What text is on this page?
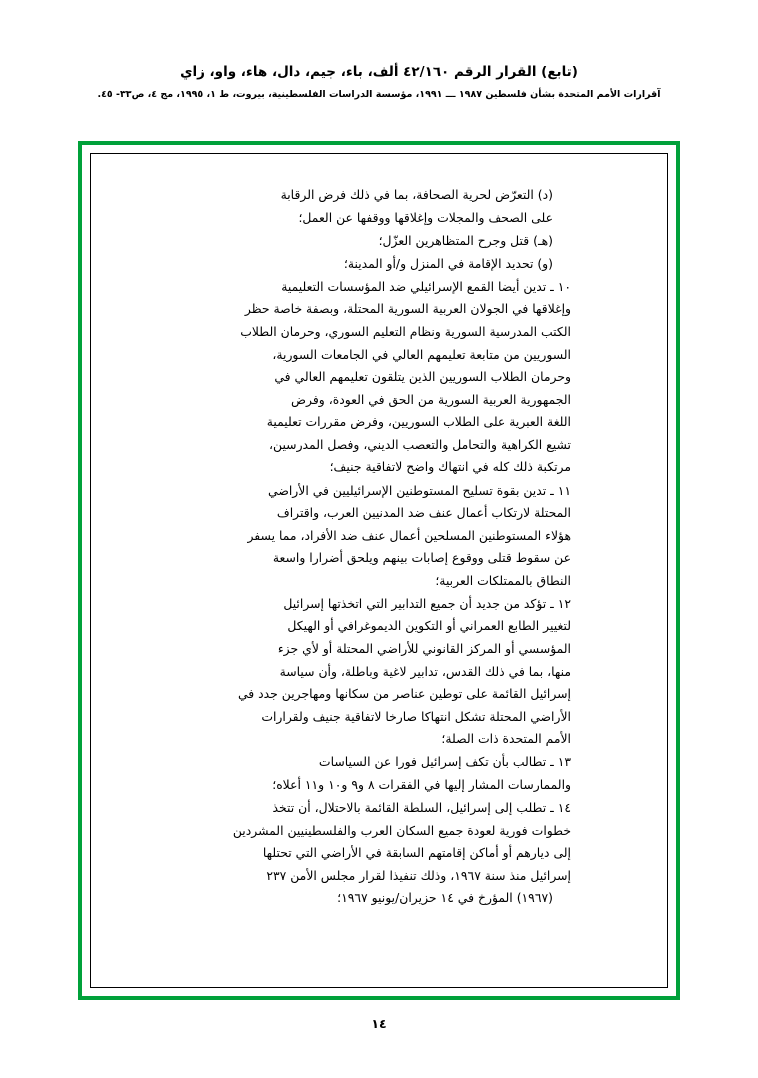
(تابع) القرار الرقم ٤٢/١٦٠ ألف، باء، جيم، دال، هاء، واو، زاي
آقرارات الأمم المتحدة بشأن فلسطين ١٩٨٧ ـــ ١٩٩١، مؤسسة الدراسات الفلسطينية، بيروت، ط ١، ١٩٩٥، مج ٤، ص٣٣- ٤٥.
(د) التعرّض لحرية الصحافة، بما في ذلك فرض الرقابة
على الصحف والمجلات وإغلاقها ووقفها عن العمل؛
(هـ) قتل وجرح المتظاهرين العزّل؛
(و) تحديد الإقامة في المنزل و/أو المدينة؛
١٠ ـ تدين أيضا القمع الإسرائيلي ضد المؤسسات التعليمية
وإغلاقها في الجولان العربية السورية المحتلة، وبصفة خاصة حظر
الكتب المدرسية السورية ونظام التعليم السوري، وحرمان الطلاب
السوريين من متابعة تعليمهم العالي في الجامعات السورية،
وحرمان الطلاب السوريين الذين يتلقون تعليمهم العالي في
الجمهورية العربية السورية من الحق في العودة، وفرض
اللغة العبرية على الطلاب السوريين، وفرض مقررات تعليمية
تشيع الكراهية والتحامل والتعصب الديني، وفصل المدرسين،
مرتكبة ذلك كله في انتهاك واضح لاتفاقية جنيف؛
١١ ـ تدين بقوة تسليح المستوطنين الإسرائيليين في الأراضي
المحتلة لارتكاب أعمال عنف ضد المدنيين العرب، واقتراف
هؤلاء المستوطنين المسلحين أعمال عنف ضد الأفراد، مما يسفر
عن سقوط قتلى ووقوع إصابات بينهم ويلحق أضرارا واسعة
النطاق بالممتلكات العربية؛
١٢ ـ تؤكد من جديد أن جميع التدابير التي اتخذتها إسرائيل
لتغيير الطابع العمراني أو التكوين الديموغرافي أو الهيكل
المؤسسي أو المركز القانوني للأراضي المحتلة أو لأي جزء
منها، بما في ذلك القدس، تدابير لاغية وباطلة، وأن سياسة
إسرائيل القائمة على توطين عناصر من سكانها ومهاجرين جدد في
الأراضي المحتلة تشكل انتهاكا صارخا لاتفاقية جنيف ولقرارات
الأمم المتحدة ذات الصلة؛
١٣ ـ تطالب بأن تكف إسرائيل فورا عن السياسات
والممارسات المشار إليها في الفقرات ٨ و٩ و١٠ و١١ أعلاه؛
١٤ ـ تطلب إلى إسرائيل، السلطة القائمة بالاحتلال، أن تتخذ
خطوات فورية لعودة جميع السكان العرب والفلسطينيين المشردين
إلى ديارهم أو أماكن إقامتهم السابقة في الأراضي التي تحتلها
إسرائيل منذ سنة ١٩٦٧، وذلك تنفيذا لقرار مجلس الأمن ٢٣٧
(١٩٦٧) المؤرخ في ١٤ حزيران/يونيو ١٩٦٧؛
١٤
